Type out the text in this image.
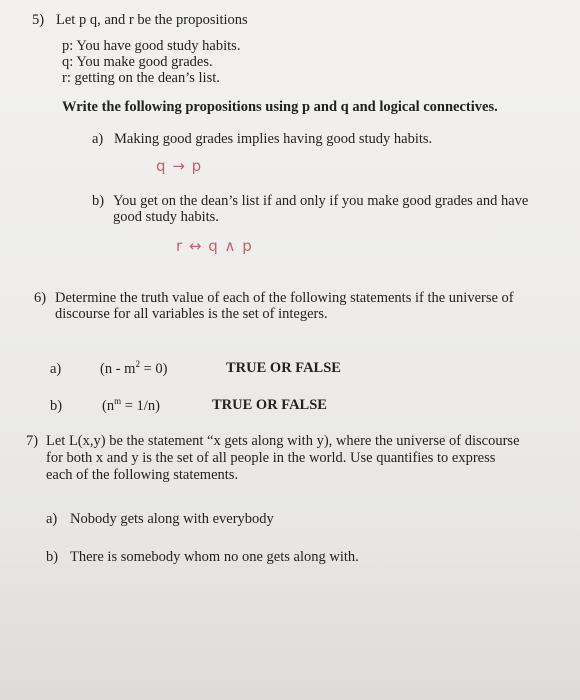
5) Let p q, and r be the propositions
p: You have good study habits.
q: You make good grades.
r: getting on the dean’s list.
Write the following propositions using p and q and logical connectives.
a) Making good grades implies having good study habits.
q → p
b) You get on the dean’s list if and only if you make good grades and have
good study habits.
r ↔ q ∧ p
6) Determine the truth value of each of the following statements if the universe of
discourse for all variables is the set of integers.
a)	$(n - m^2 = 0)$	TRUE OR FALSE
b)	$(n^m = 1/n)$	TRUE OR FALSE
7) Let L(x,y) be the statement “x gets along with y), where the universe of discourse
for both x and y is the set of all people in the world. Use quantifies to express
each of the following statements.
a) Nobody gets along with everybody
b) There is somebody whom no one gets along with.
